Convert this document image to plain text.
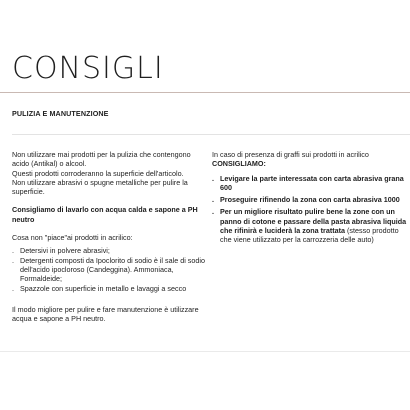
CONSIGLI
PULIZIA E MANUTENZIONE

Non utilizzare mai prodotti per la pulizia che contengono acido (Antikal) o alcool.
Questi prodotti corroderanno la superficie dell'articolo.
Non utilizzare abrasivi o spugne metalliche per pulire la superficie.

Consigliamo di lavarlo con acqua calda e sapone a PH neutro

Cosa non "piace"ai prodotti in acrilico:

. Detersivi in polvere abrasivi;
. Detergenti composti da Ipoclorito di sodio è il sale di sodio dell'acido ipocloroso (Candeggina). Ammoniaca, Formaldeide;
. Spazzole con superficie in metallo e lavaggi a secco

Il modo migliore per pulire e fare manutenzione è utilizzare acqua e sapone a PH neutro.

In caso di presenza di graffi sui prodotti in acrilico

CONSIGLIAMO:

. Levigare la parte interessata con carta abrasiva grana 600
. Proseguire rifinendo la zona con carta abrasiva 1000
. Per un migliore risultato pulire bene la zone con un panno di cotone e passare della pasta abrasiva liquida che rifinirà e luciderà la zona trattata (stesso prodotto che viene utilizzato per la carrozzeria delle auto)
